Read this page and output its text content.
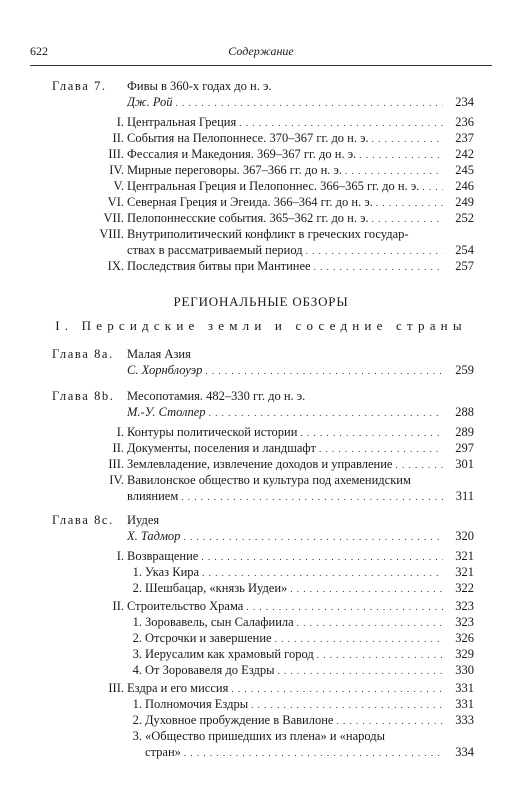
622	Содержание
Глава 7. Фивы в 360-х годах до н. э.
Дж. Рой . . .	234
I. Центральная Греция . . .	236
II. События на Пелопоннесе. 370–367 гг. до н. э. . . .	237
III. Фессалия и Македония. 369–367 гг. до н. э. . . .	242
IV. Мирные переговоры. 367–366 гг. до н. э. . . .	245
V. Центральная Греция и Пелопоннес. 366–365 гг. до н. э. . . .	246
VI. Северная Греция и Эгеида. 366–364 гг. до н. э. . . .	249
VII. Пелопоннесские события. 365–362 гг. до н. э. . . .	252
VIII. Внутриполитический конфликт в греческих государ-
ствах в рассматриваемый период . . .	254
IX. Последствия битвы при Мантинее . . .	257
РЕГИОНАЛЬНЫЕ ОБЗОРЫ
I. Персидские земли и соседние страны
Глава 8a. Малая Азия
С. Хорнблоуэр . . .	259
Глава 8b. Месопотамия. 482–330 гг. до н. э.
М.-У. Столпер . . .	288
I. Контуры политической истории . . .	289
II. Документы, поселения и ландшафт . . .	297
III. Землевладение, извлечение доходов и управление . . .	301
IV. Вавилонское общество и культура под ахеменидским
влиянием . . .	311
Глава 8c. Иудея
Х. Тадмор . . .	320
I. Возвращение . . .	321
1. Указ Кира . . .	321
2. Шешбацар, «князь Иудеи» . . .	322
II. Строительство Храма . . .	323
1. Зоровавель, сын Салафиила . . .	323
2. Отсрочки и завершение . . .	326
3. Иерусалим как храмовый город . . .	329
4. От Зоровавеля до Ездры . . .	330
III. Ездра и его миссия . . .	331
1. Полномочия Ездры . . .	331
2. Духовное пробуждение в Вавилоне . . .	333
3. «Общество пришедших из плена» и «народы
стран» . . .	334
